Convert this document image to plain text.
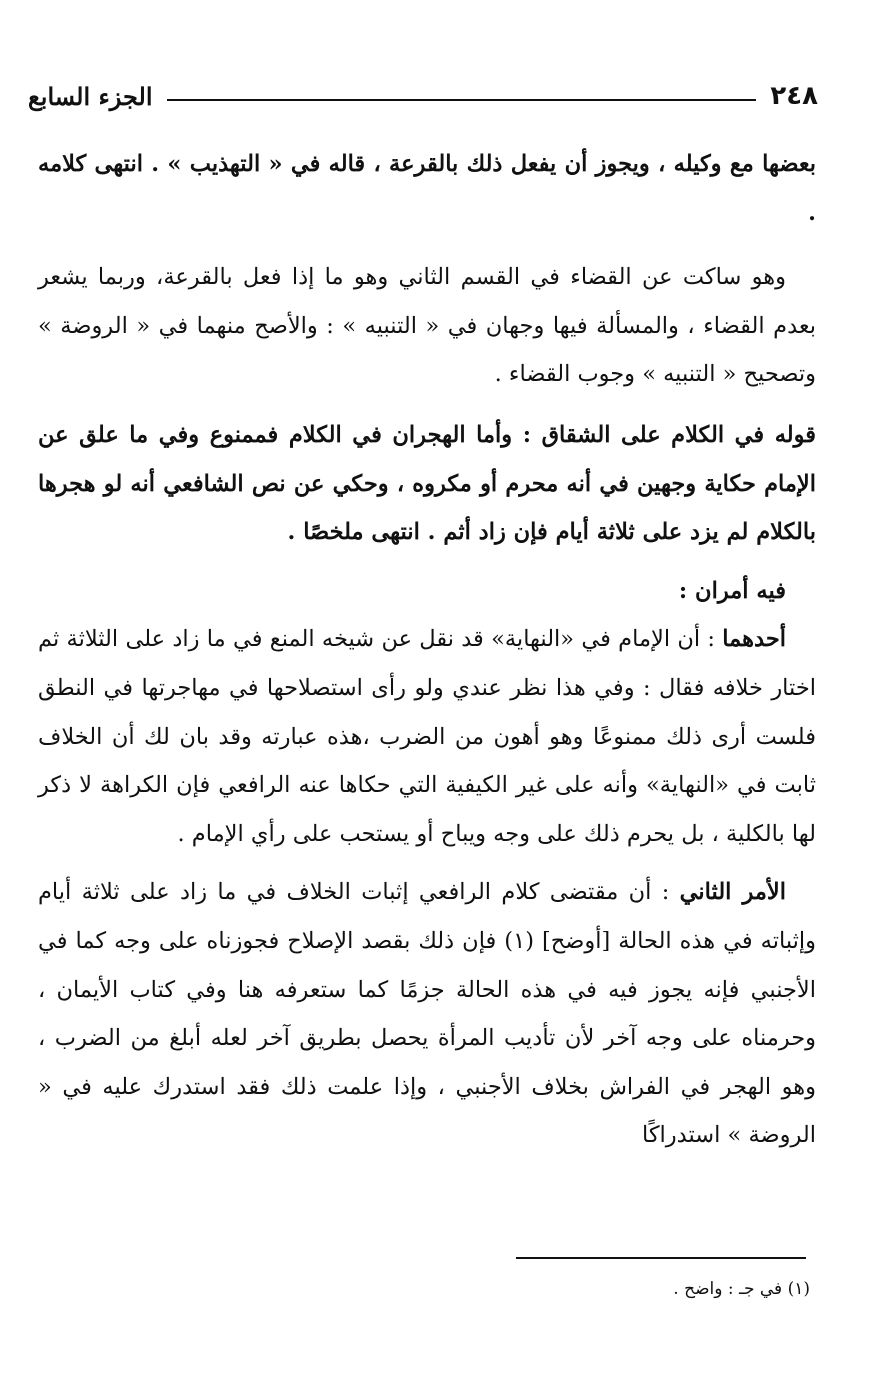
٢٤٨
الجزء السابع

بعضها مع وكيله ، ويجوز أن يفعل ذلك بالقرعة ، قاله في « التهذيب » . انتهى كلامه .

وهو ساكت عن القضاء في القسم الثاني وهو ما إذا فعل بالقرعة، وربما يشعر بعدم القضاء ، والمسألة فيها وجهان في « التنبيه » : والأصح منهما في « الروضة » وتصحيح « التنبيه » وجوب القضاء .

قوله في الكلام على الشقاق : وأما الهجران في الكلام فممنوع وفي ما علق عن الإمام حكاية وجهين في أنه محرم أو مكروه ، وحكي عن نص الشافعي أنه لو هجرها بالكلام لم يزد على ثلاثة أيام فإن زاد أثم . انتهى ملخصًا .

فيه أمران :

أحدهما : أن الإمام في «النهاية» قد نقل عن شيخه المنع في ما زاد على الثلاثة ثم اختار خلافه فقال : وفي هذا نظر عندي ولو رأى استصلاحها في مهاجرتها في النطق فلست أرى ذلك ممنوعًا وهو أهون من الضرب ،هذه عبارته وقد بان لك أن الخلاف ثابت في «النهاية» وأنه على غير الكيفية التي حكاها عنه الرافعي فإن الكراهة لا ذكر لها بالكلية ، بل يحرم ذلك على وجه ويباح أو يستحب على رأي الإمام .

الأمر الثاني : أن مقتضى كلام الرافعي إثبات الخلاف في ما زاد على ثلاثة أيام وإثباته في هذه الحالة [أوضح] (١) فإن ذلك بقصد الإصلاح فجوزناه على وجه كما في الأجنبي فإنه يجوز فيه في هذه الحالة جزمًا كما ستعرفه هنا وفي كتاب الأيمان ، وحرمناه على وجه آخر لأن تأديب المرأة يحصل بطريق آخر لعله أبلغ من الضرب ، وهو الهجر في الفراش بخلاف الأجنبي ، وإذا علمت ذلك فقد استدرك عليه في « الروضة » استدراكًا

(١) في جـ : واضح .
